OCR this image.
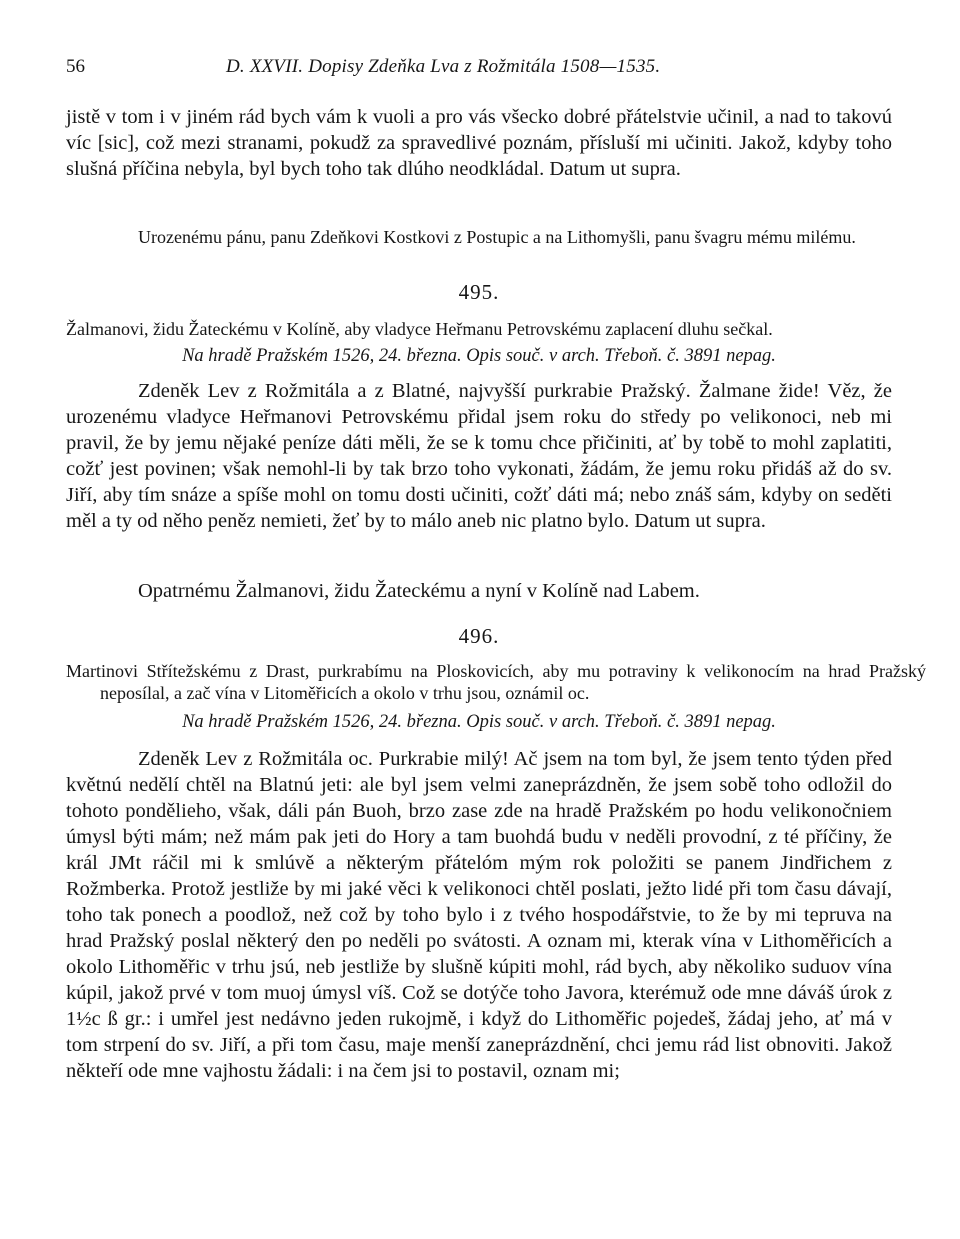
56	D. XXVII. Dopisy Zdeňka Lva z Rožmitála 1508—1535.

jistě v tom i v jiném rád bych vám k vuoli a pro vás všecko dobré přátelstvie učinil, a nad to takovú víc [sic], což mezi stranami, pokudž za spravedlivé poznám, přísluší mi učiniti. Jakož, kdyby toho slušná příčina nebyla, byl bych toho tak dlúho neodkládal. Datum ut supra.

Urozenému pánu, panu Zdeňkovi Kostkovi z Postupic a na Lithomyšli, panu švagru mému milému.

495.

Žalmanovi, židu Žateckému v Kolíně, aby vladyce Heřmanu Petrovskému zaplacení dluhu sečkal.

Na hradě Pražském 1526, 24. března. Opis souč. v arch. Třeboň. č. 3891 nepag.

Zdeněk Lev z Rožmitála a z Blatné, najvyšší purkrabie Pražský. Žalmane žide! Věz, že urozenému vladyce Heřmanovi Petrovskému přidal jsem roku do středy po velikonoci, neb mi pravil, že by jemu nějaké peníze dáti měli, že se k tomu chce přičiniti, ať by tobě to mohl zaplatiti, cožť jest povinen; však nemohl-li by tak brzo toho vykonati, žádám, že jemu roku přidáš až do sv. Jiří, aby tím snáze a spíše mohl on tomu dosti učiniti, cožť dáti má; nebo znáš sám, kdyby on seděti měl a ty od něho peněz nemieti, žeť by to málo aneb nic platno bylo. Datum ut supra.

Opatrnému Žalmanovi, židu Žateckému a nyní v Kolíně nad Labem.

496.

Martinovi Střítežskému z Drast, purkrabímu na Ploskovicích, aby mu potraviny k velikonocím na hrad Pražský neposílal, a zač vína v Litoměřicích a okolo v trhu jsou, oznámil oc.

Na hradě Pražském 1526, 24. března. Opis souč. v arch. Třeboň. č. 3891 nepag.

Zdeněk Lev z Rožmitála oc. Purkrabie milý! Ač jsem na tom byl, že jsem tento týden před květnú nedělí chtěl na Blatnú jeti: ale byl jsem velmi zaneprázdněn, že jsem sobě toho odložil do tohoto pondělieho, však, dáli pán Buoh, brzo zase zde na hradě Pražském po hodu velikonočniem úmysl býti mám; než mám pak jeti do Hory a tam buohdá budu v neděli provodní, z té příčiny, že král JMt ráčil mi k smlúvě a některým přátelóm mým rok položiti se panem Jindřichem z Rožmberka. Protož jestliže by mi jaké věci k velikonoci chtěl poslati, ježto lidé při tom času dávají, toho tak ponech a poodlož, než což by toho bylo i z tvého hospodářstvie, to že by mi tepruva na hrad Pražský poslal některý den po neděli po svátosti. A oznam mi, kterak vína v Lithoměřicích a okolo Lithoměřic v trhu jsú, neb jestliže by slušně kúpiti mohl, rád bych, aby několiko suduov vína kúpil, jakož prvé v tom muoj úmysl víš. Což se dotýče toho Javora, kterémuž ode mne dáváš úrok z 1½c ß gr.: i umřel jest nedávno jeden rukojmě, i když do Lithoměřic pojedeš, žádaj jeho, ať má v tom strpení do sv. Jiří, a při tom času, maje menší zaneprázdnění, chci jemu rád list obnoviti. Jakož někteří ode mne vajhostu žádali: i na čem jsi to postavil, oznam mi;
